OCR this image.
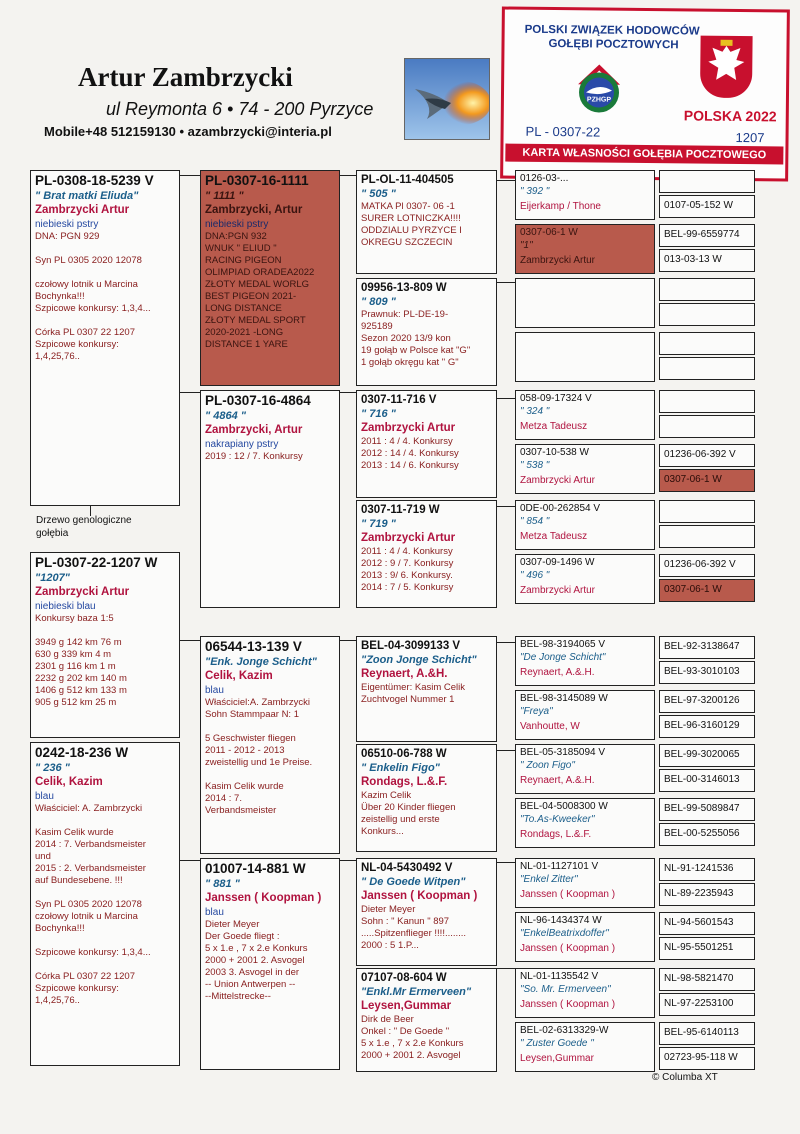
Artur Zambrzycki
ul Reymonta 6 • 74 - 200 Pyrzyce
Mobile+48 512159130 • azambrzycki@interia.pl
POLSKI ZWIĄZEK HODOWCÓW
GOŁĘBI POCZTOWYCH
PZHGP
POLSKA 2022
PL - 0307-22	1207
KARTA WŁASNOŚCI GOŁĘBIA POCZTOWEGO
PL-0308-18-5239 V
" Brat matki Eliuda"
Zambrzycki Artur
niebieski pstry
DNA: PGN 929

Syn PL 0305 2020 12078

czołowy lotnik u Marcina
Bochynka!!!
Szpicowe konkursy: 1,3,4...

Córka PL 0307 22 1207
Szpicowe konkursy:
1,4,25,76..
Drzewo genologiczne
gołębia
PL-0307-22-1207 W
"1207"
Zambrzycki Artur
niebieski blau
Konkursy baza 1:5

3949 g 142 km 76 m
630 g 339 km 4 m
2301 g 116 km 1 m
2232 g 202 km 140 m
1406 g 512 km 133 m
905 g 512 km 25 m
0242-18-236 W
" 236 "
Celik, Kazim
blau
Właściciel: A. Zambrzycki

Kasim Celik wurde
2014 : 7. Verbandsmeister
und
2015 : 2. Verbandsmeister
auf Bundesebene. !!!

Syn PL 0305 2020 12078
czołowy lotnik u Marcina
Bochynka!!!

Szpicowe konkursy: 1,3,4...

Córka PL 0307 22 1207
Szpicowe konkursy:
1,4,25,76..
PL-0307-16-1111
" 1111 "
Zambrzycki, Artur
niebieski pstry
DNA:PGN 932
WNUK " ELIUD "
RACING PIGEON
OLIMPIAD ORADEA2022
ZŁOTY MEDAL WORLG
BEST PIGEON 2021-
LONG DISTANCE
ZŁOTY MEDAL SPORT
2020-2021 -LONG
DISTANCE 1 YARE
PL-0307-16-4864
" 4864 "
Zambrzycki, Artur
nakrapiany pstry
2019 : 12 / 7. Konkursy
06544-13-139 V
"Enk. Jonge Schicht"
Celik, Kazim
blau
Właściciel:A. Zambrzycki
Sohn Stammpaar N: 1

5 Geschwister fliegen
2011 - 2012 - 2013
zweistellig und 1e Preise.

Kasim Celik wurde
2014 : 7.
Verbandsmeister
01007-14-881 W
" 881 "
Janssen ( Koopman )
blau
Dieter Meyer
Der Goede fliegt :
5 x 1.e , 7 x 2.e Konkurs
2000 + 2001 2. Asvogel
2003 3. Asvogel in der
-- Union Antwerpen --
--Mittelstrecke--
PL-OL-11-404505
" 505 "
MATKA Pl 0307- 06 -1
SURER LOTNICZKA!!!!
ODDZIALU PYRZYCE I
OKREGU SZCZECIN
09956-13-809 W
" 809 "
Prawnuk: PL-DE-19-
925189
Sezon 2020 13/9 kon
19 gołąb w Polsce kat "G"
1 gołąb okręgu kat " G"
0307-11-716 V
" 716 "
Zambrzycki Artur
2011 : 4 / 4. Konkursy
2012 : 14 / 4. Konkursy
2013 : 14 / 6. Konkursy
0307-11-719 W
" 719 "
Zambrzycki Artur
2011 : 4 / 4. Konkursy
2012 : 9 / 7. Konkursy
2013 : 9/ 6. Konkursy.
2014 : 7 / 5. Konkursy
BEL-04-3099133 V
"Zoon Jonge Schicht"
Reynaert, A.&H.
Eigentümer: Kasim Celik
Zuchtvogel Nummer 1
06510-06-788 W
" Enkelin Figo"
Rondags, L.&.F.
Kazim Celik
Über 20 Kinder fliegen
zeistellig und erste
Konkurs...
NL-04-5430492 V
" De Goede Witpen"
Janssen ( Koopman )
Dieter Meyer
Sohn : " Kanun " 897
.....Spitzenflieger !!!!........
2000 : 5 1.P...
07107-08-604 W
"Enkl.Mr Ermerveen"
Leysen,Gummar
Dirk de Beer
Onkel : " De Goede "
5 x 1.e , 7 x 2.e Konkurs
2000 + 2001 2. Asvogel
0126-03-...
" 392 "
Eijerkamp / Thone
0307-06-1 W
"1"
Zambrzycki Artur
058-09-17324 V
" 324 "
Metza Tadeusz
0307-10-538 W
" 538 "
Zambrzycki Artur
0DE-00-262854 V
" 854 "
Metza Tadeusz
0307-09-1496 W
" 496 "
Zambrzycki Artur
BEL-98-3194065 V
"De Jonge Schicht"
Reynaert, A.&.H.
BEL-98-3145089 W
"Freya"
Vanhoutte, W
BEL-05-3185094 V
" Zoon Figo"
Reynaert, A.&.H.
BEL-04-5008300 W
"To.As-Kweeker"
Rondags, L.&.F.
NL-01-1127101 V
"Enkel Zitter"
Janssen ( Koopman )
NL-96-1434374 W
"EnkelBeatrixdoffer"
Janssen ( Koopman )
NL-01-1135542 V
"So. Mr. Ermerveen"
Janssen ( Koopman )
BEL-02-6313329-W
" Zuster Goede "
Leysen,Gummar
0107-05-152 W
BEL-99-6559774
013-03-13 W
01236-06-392 V
0307-06-1 W
01236-06-392 V
0307-06-1 W
BEL-92-3138647
BEL-93-3010103
BEL-97-3200126
BEL-96-3160129
BEL-99-3020065
BEL-00-3146013
BEL-99-5089847
BEL-00-5255056
NL-91-1241536
NL-89-2235943
NL-94-5601543
NL-95-5501251
NL-98-5821470
NL-97-2253100
BEL-95-6140113
02723-95-118 W
© Columba XT
